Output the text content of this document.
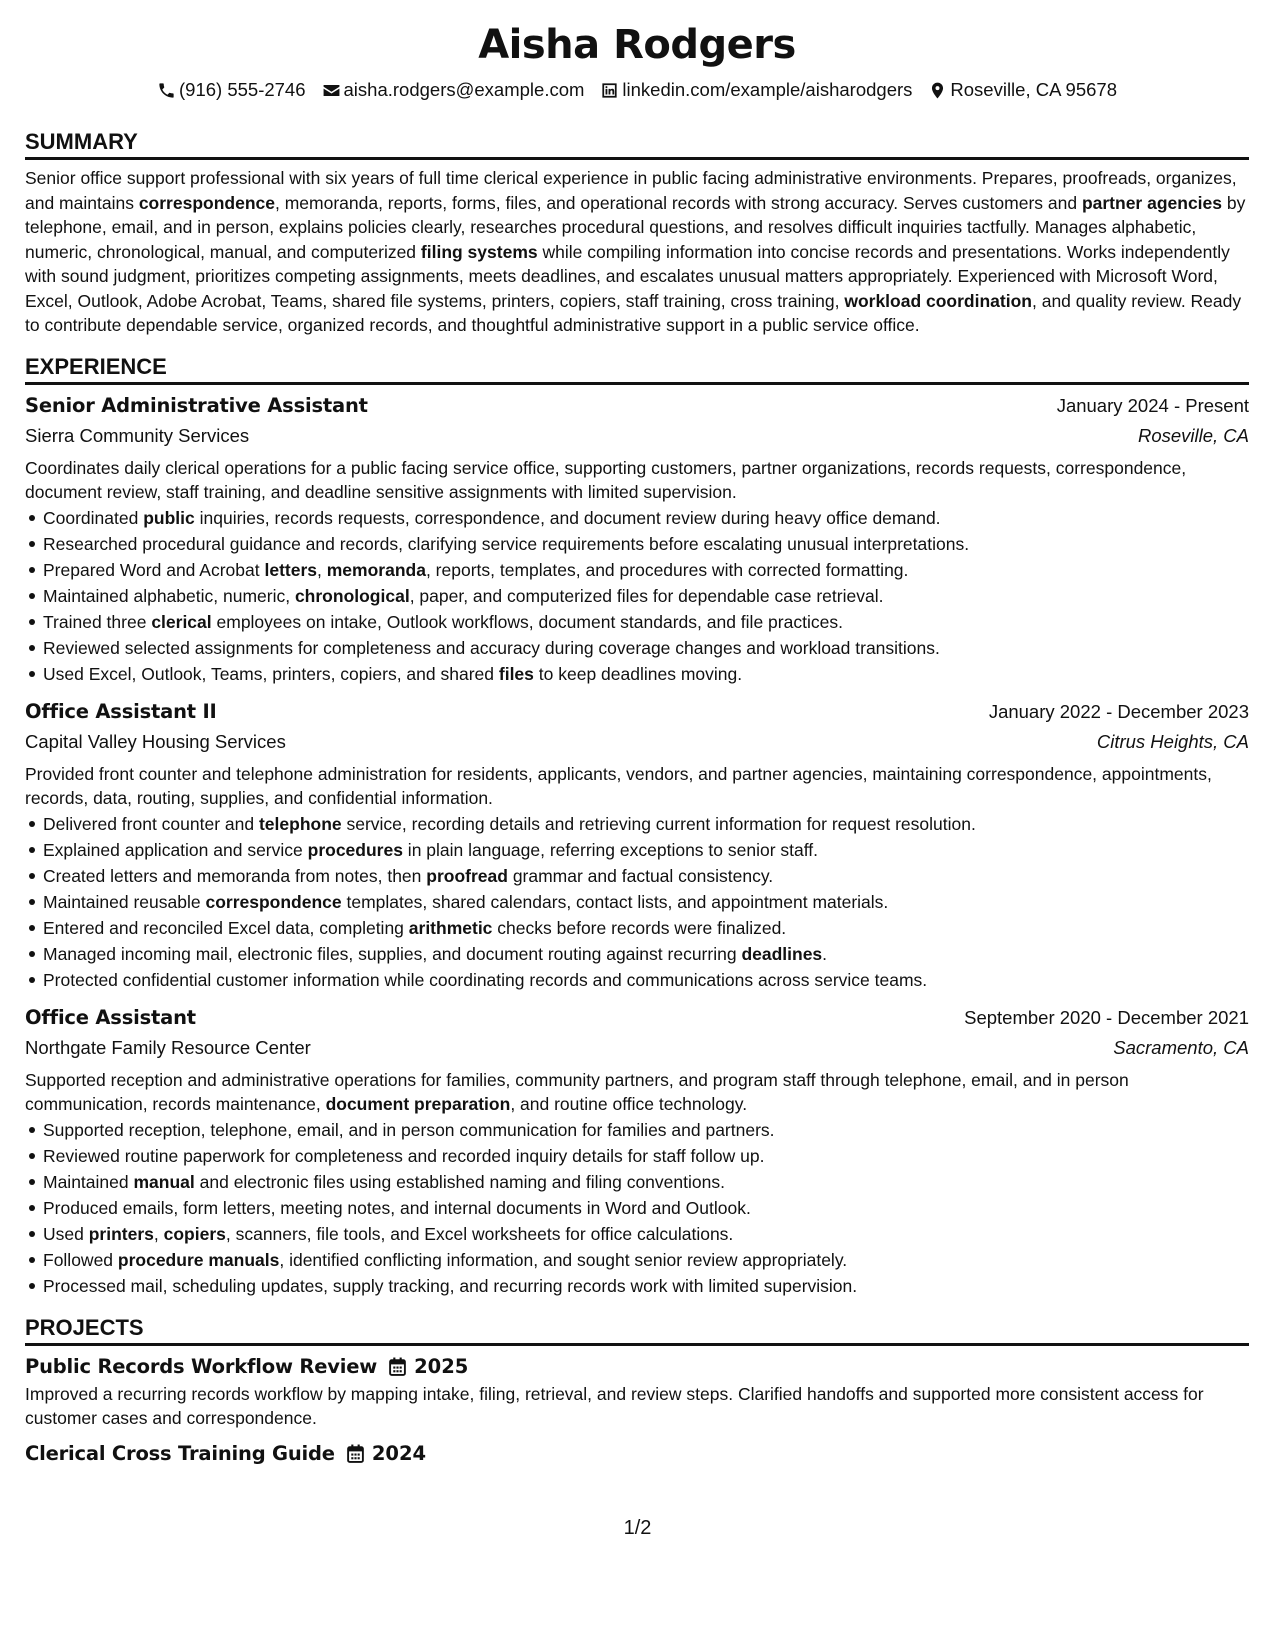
Aisha Rodgers
(916) 555-2746 aisha.rodgers@example.com linkedin.com/example/aisharodgers Roseville, CA 95678
SUMMARY

Senior office support professional with six years of full time clerical experience in public facing administrative environments. Prepares, proofreads, organizes, and maintains correspondence, memoranda, reports, forms, files, and operational records with strong accuracy. Serves customers and partner agencies by telephone, email, and in person, explains policies clearly, researches procedural questions, and resolves difficult inquiries tactfully. Manages alphabetic, numeric, chronological, manual, and computerized filing systems while compiling information into concise records and presentations. Works independently with sound judgment, prioritizes competing assignments, meets deadlines, and escalates unusual matters appropriately. Experienced with Microsoft Word, Excel, Outlook, Adobe Acrobat, Teams, shared file systems, printers, copiers, staff training, cross training, workload coordination, and quality review. Ready to contribute dependable service, organized records, and thoughtful administrative support in a public service office.

EXPERIENCE
Senior Administrative Assistant	January 2024 - Present
Sierra Community Services	Roseville, CA

Coordinates daily clerical operations for a public facing service office, supporting customers, partner organizations, records requests, correspondence, document review, staff training, and deadline sensitive assignments with limited supervision.

Coordinated public inquiries, records requests, correspondence, and document review during heavy office demand.
Researched procedural guidance and records, clarifying service requirements before escalating unusual interpretations.
Prepared Word and Acrobat letters, memoranda, reports, templates, and procedures with corrected formatting.
Maintained alphabetic, numeric, chronological, paper, and computerized files for dependable case retrieval.
Trained three clerical employees on intake, Outlook workflows, document standards, and file practices.
Reviewed selected assignments for completeness and accuracy during coverage changes and workload transitions.
Used Excel, Outlook, Teams, printers, copiers, and shared files to keep deadlines moving.
Office Assistant II	January 2022 - December 2023
Capital Valley Housing Services	Citrus Heights, CA

Provided front counter and telephone administration for residents, applicants, vendors, and partner agencies, maintaining correspondence, appointments, records, data, routing, supplies, and confidential information.

Delivered front counter and telephone service, recording details and retrieving current information for request resolution.
Explained application and service procedures in plain language, referring exceptions to senior staff.
Created letters and memoranda from notes, then proofread grammar and factual consistency.
Maintained reusable correspondence templates, shared calendars, contact lists, and appointment materials.
Entered and reconciled Excel data, completing arithmetic checks before records were finalized.
Managed incoming mail, electronic files, supplies, and document routing against recurring deadlines.
Protected confidential customer information while coordinating records and communications across service teams.
Office Assistant	September 2020 - December 2021
Northgate Family Resource Center	Sacramento, CA

Supported reception and administrative operations for families, community partners, and program staff through telephone, email, and in person communication, records maintenance, document preparation, and routine office technology.

Supported reception, telephone, email, and in person communication for families and partners.
Reviewed routine paperwork for completeness and recorded inquiry details for staff follow up.
Maintained manual and electronic files using established naming and filing conventions.
Produced emails, form letters, meeting notes, and internal documents in Word and Outlook.
Used printers, copiers, scanners, file tools, and Excel worksheets for office calculations.
Followed procedure manuals, identified conflicting information, and sought senior review appropriately.
Processed mail, scheduling updates, supply tracking, and recurring records work with limited supervision.
PROJECTS
Public Records Workflow Review 2025

Improved a recurring records workflow by mapping intake, filing, retrieval, and review steps. Clarified handoffs and supported more consistent access for customer cases and correspondence.

Clerical Cross Training Guide 2024
1/2
